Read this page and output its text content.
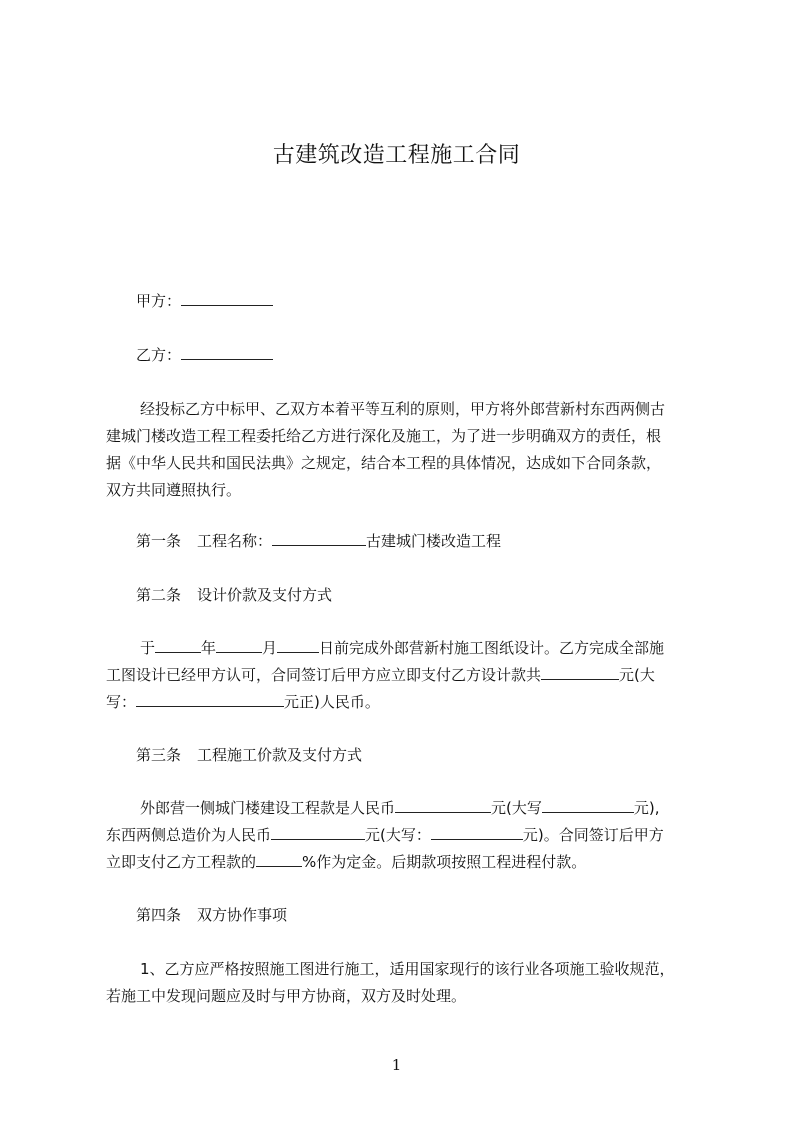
古建筑改造工程施工合同
甲方：
乙方：
经投标乙方中标甲、乙双方本着平等互利的原则，甲方将外郎营新村东西两侧古
建城门楼改造工程工程委托给乙方进行深化及施工，为了进一步明确双方的责任，根
据《中华人民共和国民法典》之规定，结合本工程的具体情况，达成如下合同条款，
双方共同遵照执行。
第一条 工程名称：	古建城门楼改造工程
第二条 设计价款及支付方式
于	年	月	日前完成外郎营新村施工图纸设计。乙方完成全部施
工图设计已经甲方认可，合同签订后甲方应立即支付乙方设计款共	元(大
写：	元正)人民币。
第三条 工程施工价款及支付方式
外郎营一侧城门楼建设工程款是人民币	元(大写	元),
东西两侧总造价为人民币	元(大写：	元)。合同签订后甲方
立即支付乙方工程款的	%作为定金。后期款项按照工程进程付款。
第四条 双方协作事项
1、乙方应严格按照施工图进行施工，适用国家现行的该行业各项施工验收规范，
若施工中发现问题应及时与甲方协商，双方及时处理。
1
